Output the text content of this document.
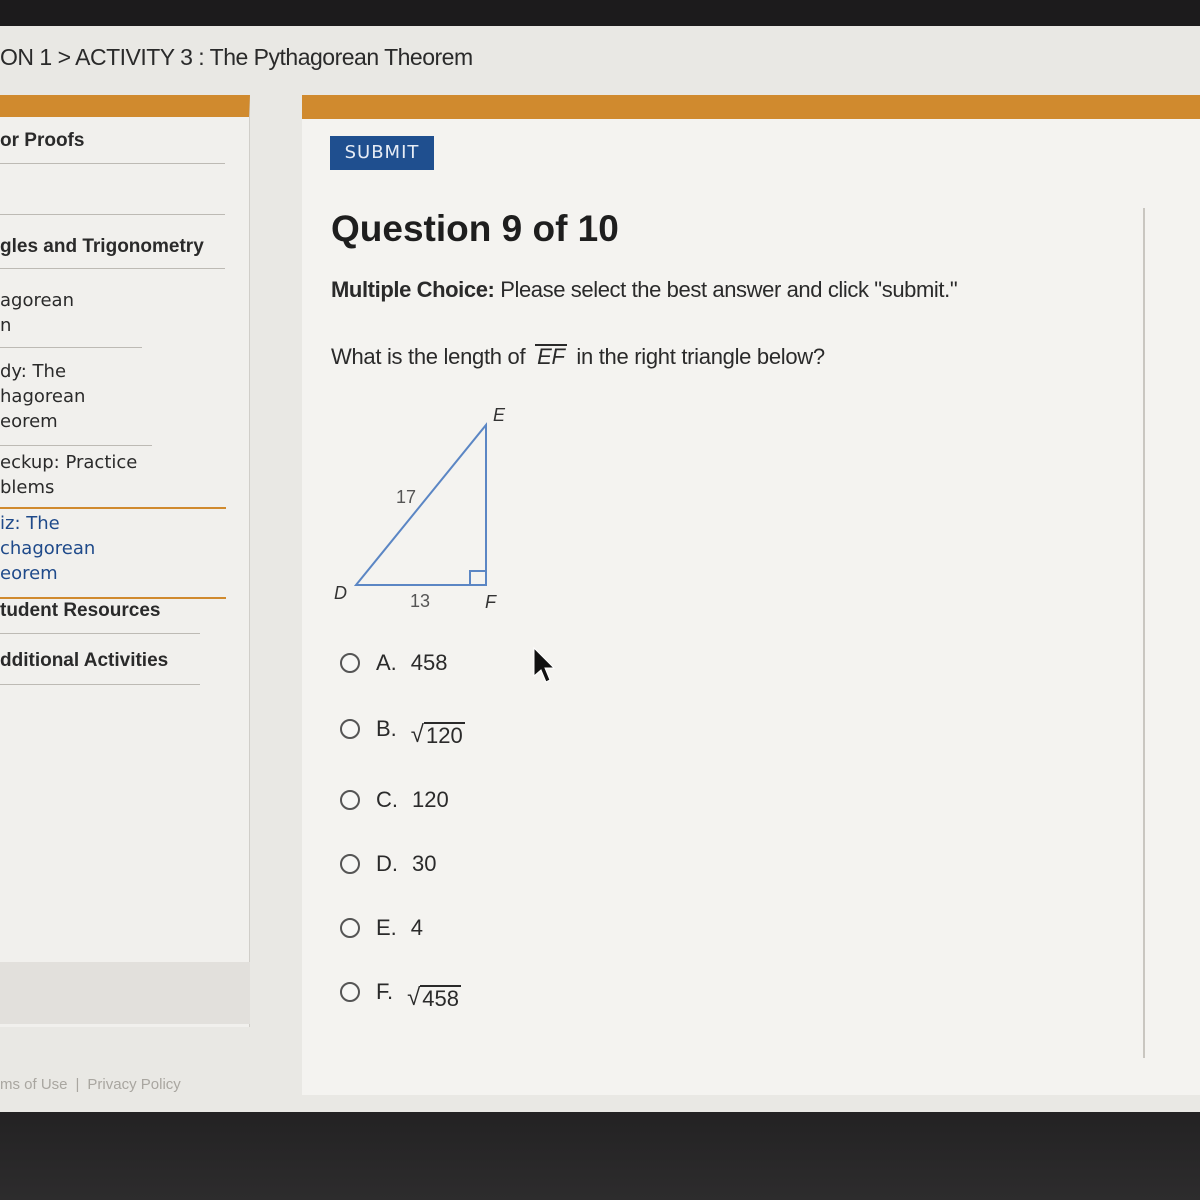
ON 1 > ACTIVITY 3 : The Pythagorean Theorem
or Proofs
gles and Trigonometry
agorean
n
dy: The
hagorean
eorem
eckup: Practice
blems
iz: The
chagorean
eorem
tudent Resources
dditional Activities
ms of Use | Privacy Policy
SUBMIT
Question 9 of 10
Multiple Choice: Please select the best answer and click "submit."
What is the length of EF in the right triangle below?
E
D	F
17
13
A. 458
B. √ 120
C. 120
D. 30
E. 4
F. √ 458
